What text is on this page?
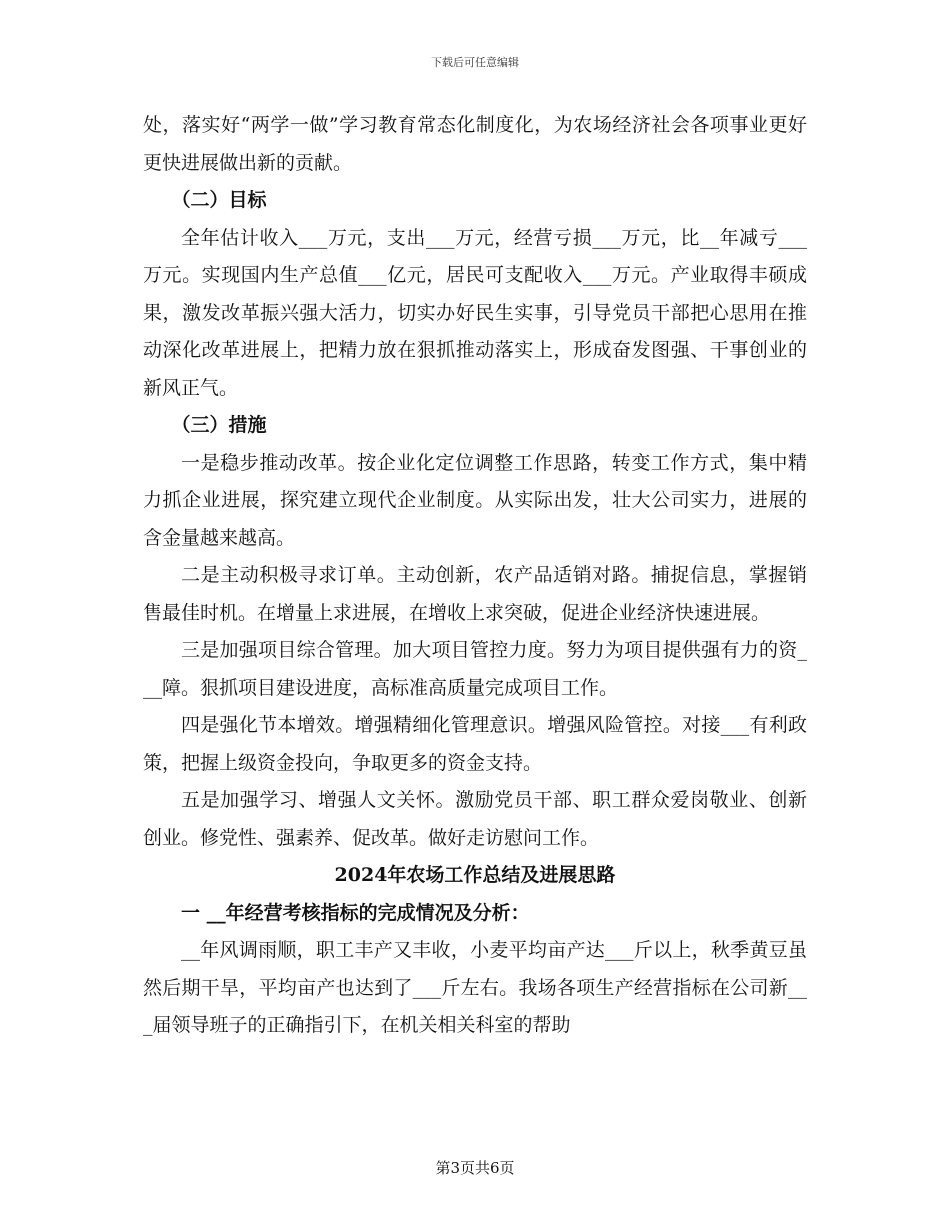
下载后可任意编辑

处，落实好“两学一做”学习教育常态化制度化，为农场经济社会各项事业更好更快进展做出新的贡献。

（二）目标

全年估计收入___万元，支出___万元，经营亏损___万元，比__年减亏___万元。实现国内生产总值___亿元，居民可支配收入___万元。产业取得丰硕成果，激发改革振兴强大活力，切实办好民生实事，引导党员干部把心思用在推动深化改革进展上，把精力放在狠抓推动落实上，形成奋发图强、干事创业的新风正气。

（三）措施

一是稳步推动改革。按企业化定位调整工作思路，转变工作方式，集中精力抓企业进展，探究建立现代企业制度。从实际出发，壮大公司实力，进展的含金量越来越高。

二是主动积极寻求订单。主动创新，农产品适销对路。捕捉信息，掌握销售最佳时机。在增量上求进展，在增收上求突破，促进企业经济快速进展。

三是加强项目综合管理。加大项目管控力度。努力为项目提供强有力的资___障。狠抓项目建设进度，高标准高质量完成项目工作。

四是强化节本增效。增强精细化管理意识。增强风险管控。对接___有利政策，把握上级资金投向，争取更多的资金支持。

五是加强学习、增强人文关怀。激励党员干部、职工群众爱岗敬业、创新创业。修党性、强素养、促改革。做好走访慰问工作。

2024年农场工作总结及进展思路

一 __年经营考核指标的完成情况及分析：

__年风调雨顺，职工丰产又丰收，小麦平均亩产达___斤以上，秋季黄豆虽然后期干旱，平均亩产也达到了___斤左右。我场各项生产经营指标在公司新___届领导班子的正确指引下，在机关相关科室的帮助

第3页共6页
